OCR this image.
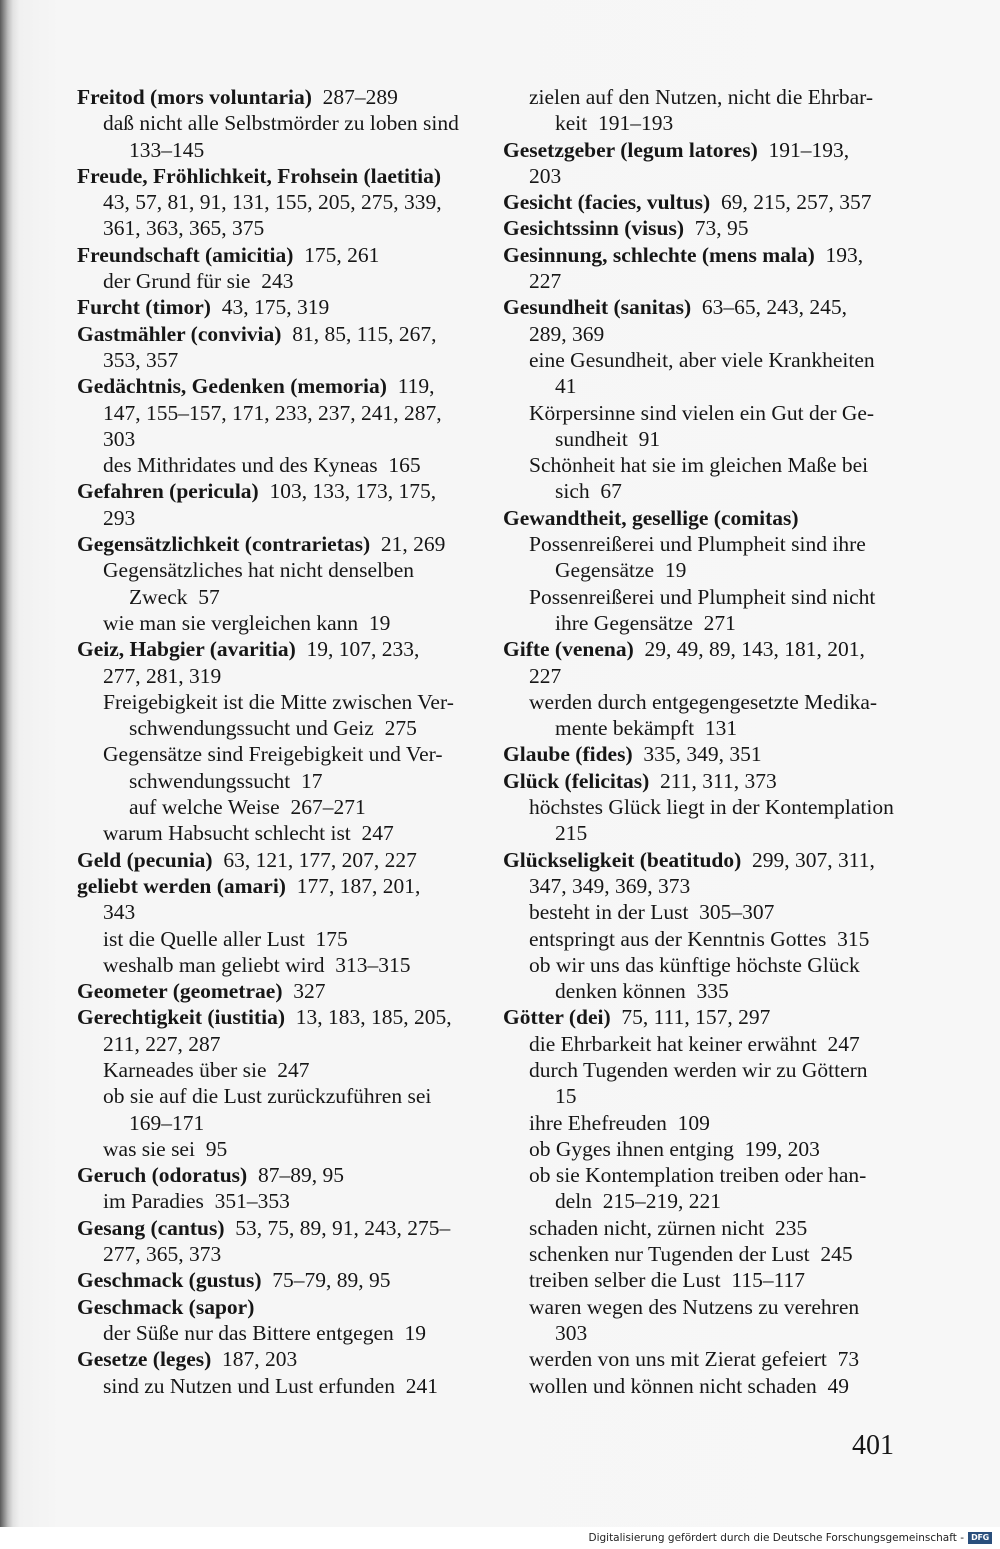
Freitod (mors voluntaria)  287–289
daß nicht alle Selbstmörder zu loben sind
133–145
Freude, Fröhlichkeit, Frohsein (laetitia)
43, 57, 81, 91, 131, 155, 205, 275, 339,
361, 363, 365, 375
Freundschaft (amicitia)  175, 261
der Grund für sie  243
Furcht (timor)  43, 175, 319
Gastmähler (convivia)  81, 85, 115, 267,
353, 357
Gedächtnis, Gedenken (memoria)  119,
147, 155–157, 171, 233, 237, 241, 287,
303
des Mithridates und des Kyneas  165
Gefahren (pericula)  103, 133, 173, 175,
293
Gegensätzlichkeit (contrarietas)  21, 269
Gegensätzliches hat nicht denselben
Zweck  57
wie man sie vergleichen kann  19
Geiz, Habgier (avaritia)  19, 107, 233,
277, 281, 319
Freigebigkeit ist die Mitte zwischen Ver-
schwendungssucht und Geiz  275
Gegensätze sind Freigebigkeit und Ver-
schwendungssucht  17
auf welche Weise  267–271
warum Habsucht schlecht ist  247
Geld (pecunia)  63, 121, 177, 207, 227
geliebt werden (amari)  177, 187, 201,
343
ist die Quelle aller Lust  175
weshalb man geliebt wird  313–315
Geometer (geometrae)  327
Gerechtigkeit (iustitia)  13, 183, 185, 205,
211, 227, 287
Karneades über sie  247
ob sie auf die Lust zurückzuführen sei
169–171
was sie sei  95
Geruch (odoratus)  87–89, 95
im Paradies  351–353
Gesang (cantus)  53, 75, 89, 91, 243, 275–
277, 365, 373
Geschmack (gustus)  75–79, 89, 95
Geschmack (sapor)
der Süße nur das Bittere entgegen  19
Gesetze (leges)  187, 203
sind zu Nutzen und Lust erfunden  241
zielen auf den Nutzen, nicht die Ehrbar-
keit  191–193
Gesetzgeber (legum latores)  191–193,
203
Gesicht (facies, vultus)  69, 215, 257, 357
Gesichtssinn (visus)  73, 95
Gesinnung, schlechte (mens mala)  193,
227
Gesundheit (sanitas)  63–65, 243, 245,
289, 369
eine Gesundheit, aber viele Krankheiten
41
Körpersinne sind vielen ein Gut der Ge-
sundheit  91
Schönheit hat sie im gleichen Maße bei
sich  67
Gewandtheit, gesellige (comitas)
Possenreißerei und Plumpheit sind ihre
Gegensätze  19
Possenreißerei und Plumpheit sind nicht
ihre Gegensätze  271
Gifte (venena)  29, 49, 89, 143, 181, 201,
227
werden durch entgegengesetzte Medika-
mente bekämpft  131
Glaube (fides)  335, 349, 351
Glück (felicitas)  211, 311, 373
höchstes Glück liegt in der Kontemplation
215
Glückseligkeit (beatitudo)  299, 307, 311,
347, 349, 369, 373
besteht in der Lust  305–307
entspringt aus der Kenntnis Gottes  315
ob wir uns das künftige höchste Glück
denken können  335
Götter (dei)  75, 111, 157, 297
die Ehrbarkeit hat keiner erwähnt  247
durch Tugenden werden wir zu Göttern
15
ihre Ehefreuden  109
ob Gyges ihnen entging  199, 203
ob sie Kontemplation treiben oder han-
deln  215–219, 221
schaden nicht, zürnen nicht  235
schenken nur Tugenden der Lust  245
treiben selber die Lust  115–117
waren wegen des Nutzens zu verehren
303
werden von uns mit Zierat gefeiert  73
wollen und können nicht schaden  49
401
Digitalisierung gefördert durch die Deutsche Forschungsgemeinschaft - DFG
